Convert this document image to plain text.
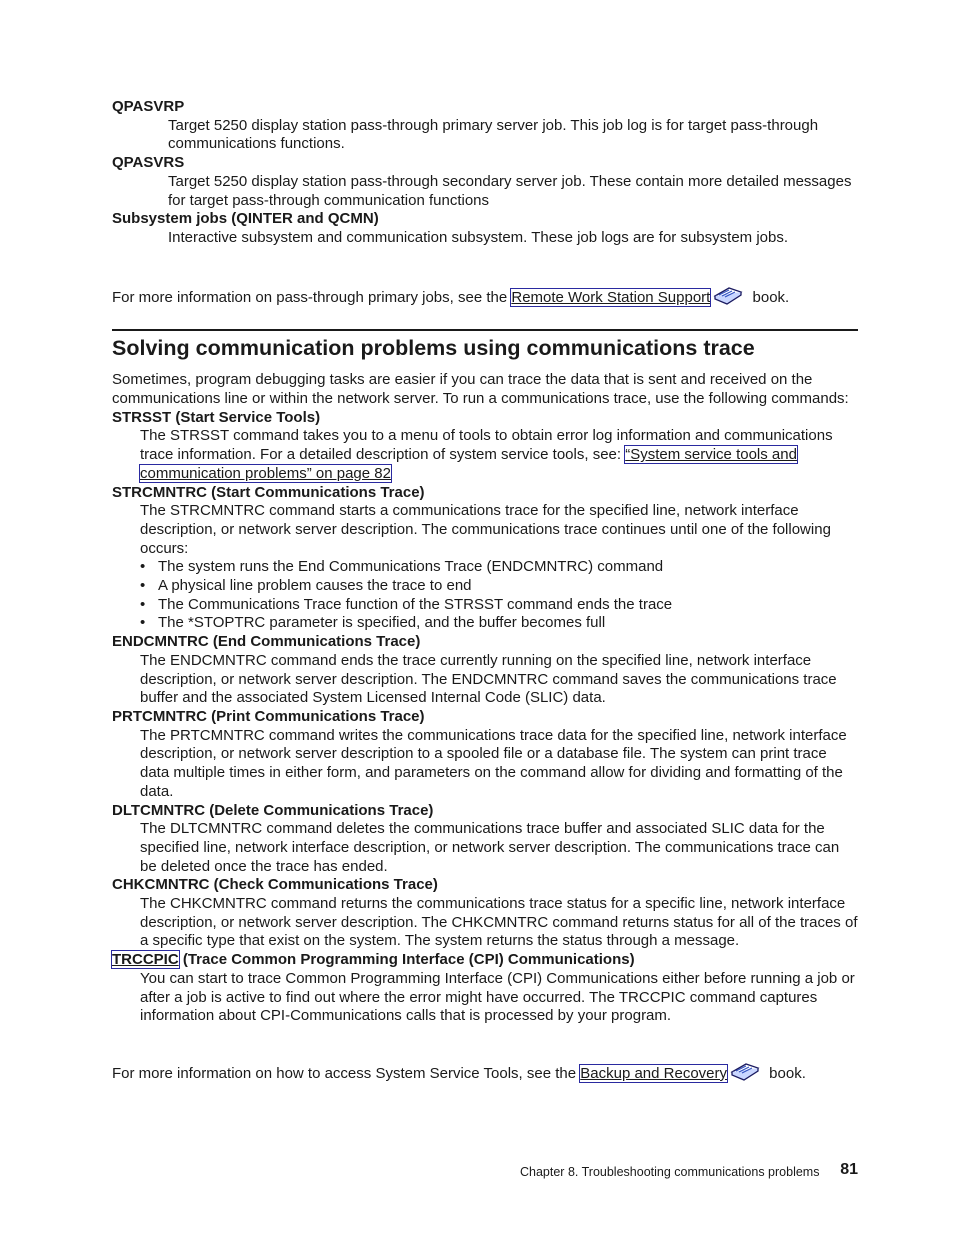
QPASVRP

Target 5250 display station pass-through primary server job. This job log is for target pass-through communications functions.

QPASVRS

Target 5250 display station pass-through secondary server job. These contain more detailed messages for target pass-through communication functions

Subsystem jobs (QINTER and QCMN)

Interactive subsystem and communication subsystem. These job logs are for subsystem jobs.

For more information on pass-through primary jobs, see the Remote Work Station Support	book.

Solving communication problems using communications trace

Sometimes, program debugging tasks are easier if you can trace the data that is sent and received on the communications line or within the network server. To run a communications trace, use the following commands:

STRSST (Start Service Tools)

The STRSST command takes you to a menu of tools to obtain error log information and communications trace information. For a detailed description of system service tools, see: “System service tools and communication problems” on page 82

STRCMNTRC (Start Communications Trace)

The STRCMNTRC command starts a communications trace for the specified line, network interface description, or network server description. The communications trace continues until one of the following occurs:

• The system runs the End Communications Trace (ENDCMNTRC) command
• A physical line problem causes the trace to end
• The Communications Trace function of the STRSST command ends the trace
• The *STOPTRC parameter is specified, and the buffer becomes full
ENDCMNTRC (End Communications Trace)

The ENDCMNTRC command ends the trace currently running on the specified line, network interface description, or network server description. The ENDCMNTRC command saves the communications trace buffer and the associated System Licensed Internal Code (SLIC) data.

PRTCMNTRC (Print Communications Trace)

The PRTCMNTRC command writes the communications trace data for the specified line, network interface description, or network server description to a spooled file or a database file. The system can print trace data multiple times in either form, and parameters on the command allow for dividing and formatting of the data.

DLTCMNTRC (Delete Communications Trace)

The DLTCMNTRC command deletes the communications trace buffer and associated SLIC data for the specified line, network interface description, or network server description. The communications trace can be deleted once the trace has ended.

CHKCMNTRC (Check Communications Trace)

The CHKCMNTRC command returns the communications trace status for a specific line, network interface description, or network server description. The CHKCMNTRC command returns status for all of the traces of a specific type that exist on the system. The system returns the status through a message.

TRCCPIC (Trace Common Programming Interface (CPI) Communications)

You can start to trace Common Programming Interface (CPI) Communications either before running a job or after a job is active to find out where the error might have occurred. The TRCCPIC command captures information about CPI-Communications calls that is processed by your program.

For more information on how to access System Service Tools, see the Backup and Recovery	book.

Chapter 8. Troubleshooting communications problems 81
